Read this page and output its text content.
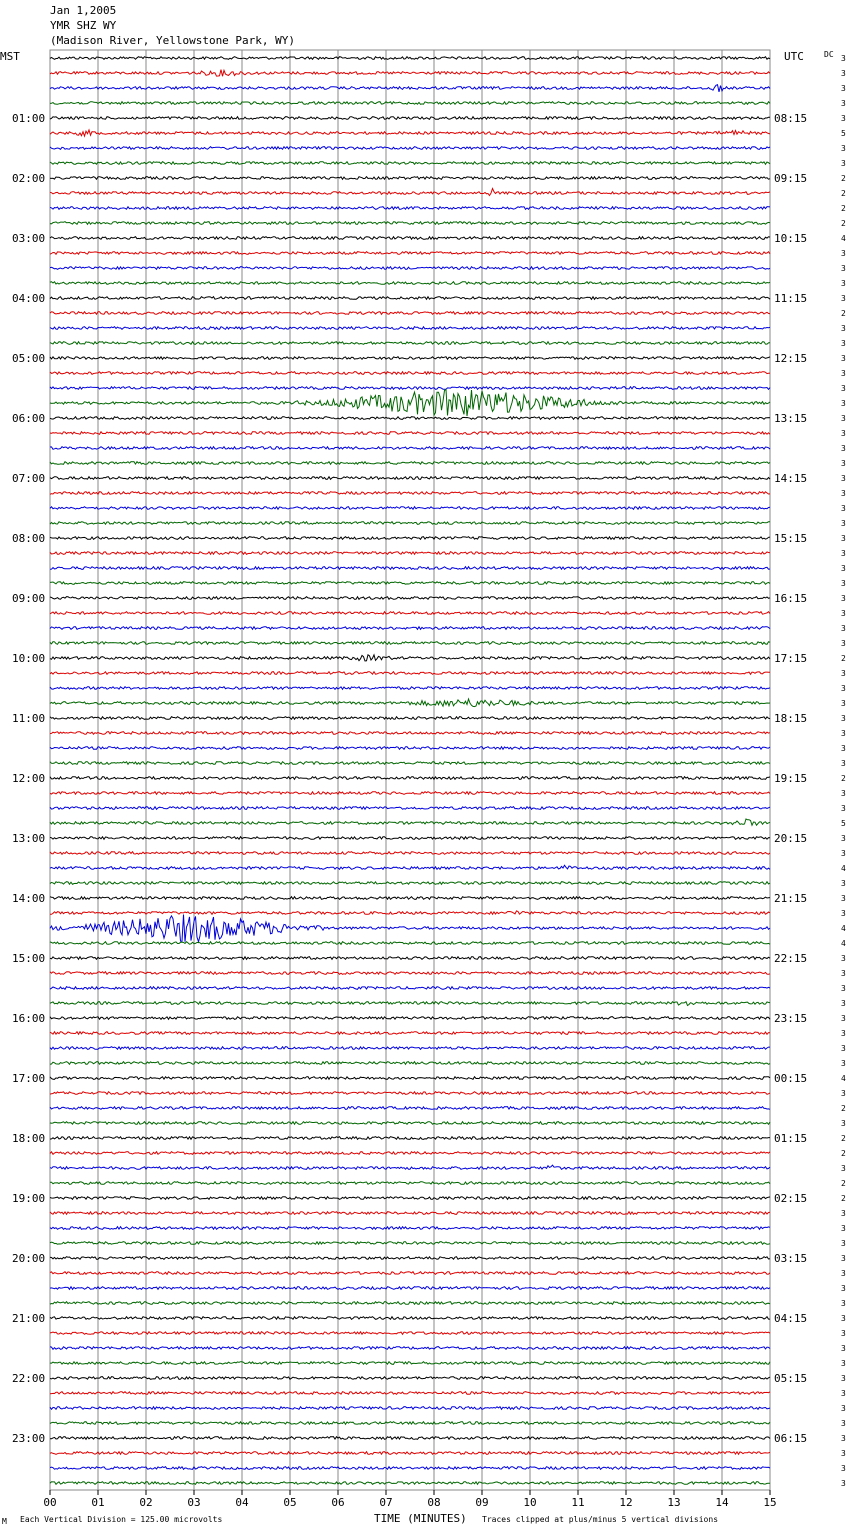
Jan 1,2005
YMR SHZ WY
(Madison River, Yellowstone Park, WY)
3
3
3
3
3
5
3
3
2
2
2
2
4
3
3
3
3
2
3
3
3
3
3
3
3
3
3
3
3
3
3
3
3
3
3
3
3
3
3
3
2
3
3
3
3
3
3
3
2
3
3
5
3
3
4
3
3
3
4
4
3
3
3
3
3
3
3
3
4
3
2
3
2
2
3
2
2
3
3
3
3
3
3
3
3
3
3
3
3
3
3
3
3
3
3
3
01:00
02:00
03:00
04:00
05:00
06:00
07:00
08:00
09:00
10:00
11:00
12:00
13:00
14:00
15:00
16:00
17:00
18:00
19:00
20:00
21:00
22:00
23:00
08:15
09:15
10:15
11:15
12:15
13:15
14:15
15:15
16:15
17:15
18:15
19:15
20:15
21:15
22:15
23:15
00:15
01:15
02:15
03:15
04:15
05:15
06:15
00	01	02	03	04	05	06	07	08	09	10	11	12	13	14	15
MST	UTC	DC
M Each Vertical Division = 125.00 microvolts	TIME (MINUTES) Traces clipped at plus/minus 5 vertical divisions
